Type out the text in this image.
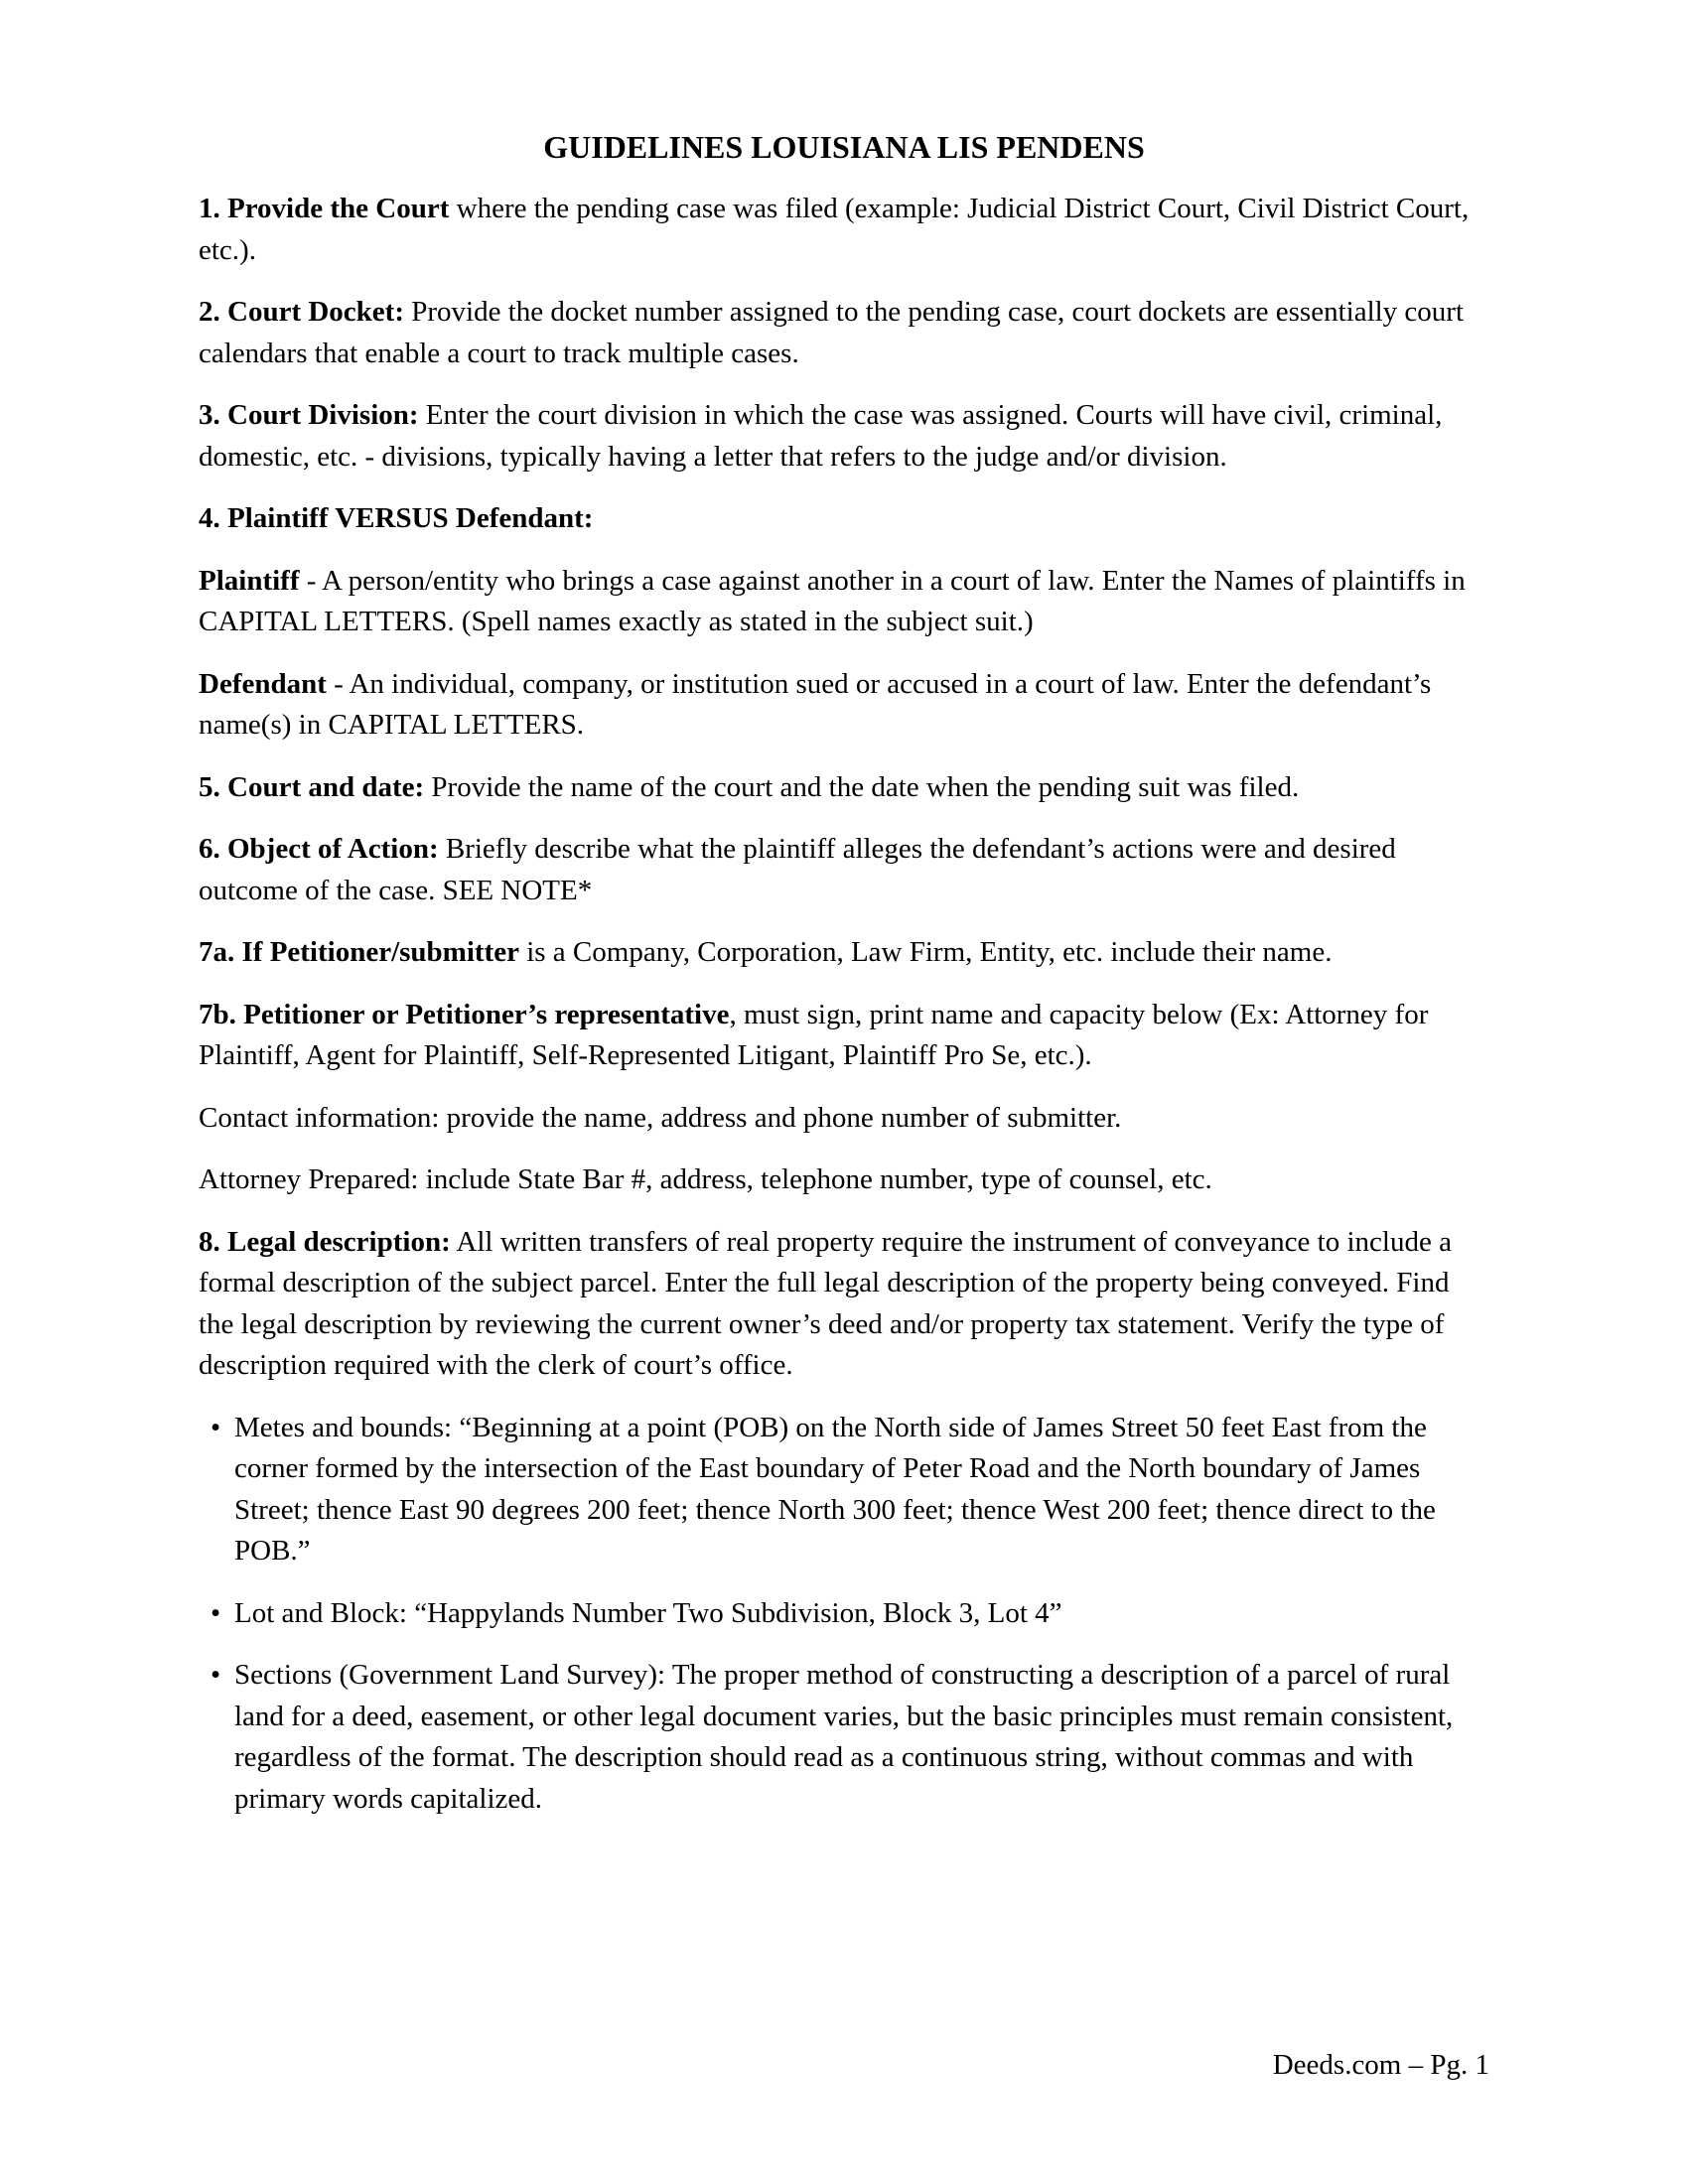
GUIDELINES LOUISIANA LIS PENDENS

1. Provide the Court where the pending case was filed (example: Judicial District Court, Civil District Court, etc.).

2. Court Docket: Provide the docket number assigned to the pending case, court dockets are essentially court calendars that enable a court to track multiple cases.

3. Court Division: Enter the court division in which the case was assigned. Courts will have civil, criminal, domestic, etc. - divisions, typically having a letter that refers to the judge and/or division.

4. Plaintiff VERSUS Defendant:

Plaintiff - A person/entity who brings a case against another in a court of law. Enter the Names of plaintiffs in CAPITAL LETTERS. (Spell names exactly as stated in the subject suit.)

Defendant - An individual, company, or institution sued or accused in a court of law. Enter the defendant’s name(s) in CAPITAL LETTERS.

5. Court and date: Provide the name of the court and the date when the pending suit was filed.

6. Object of Action: Briefly describe what the plaintiff alleges the defendant’s actions were and desired outcome of the case. SEE NOTE*

7a. If Petitioner/submitter is a Company, Corporation, Law Firm, Entity, etc. include their name.

7b. Petitioner or Petitioner’s representative, must sign, print name and capacity below (Ex: Attorney for Plaintiff, Agent for Plaintiff, Self-Represented Litigant, Plaintiff Pro Se, etc.).

Contact information: provide the name, address and phone number of submitter.

Attorney Prepared: include State Bar #, address, telephone number, type of counsel, etc.

8. Legal description: All written transfers of real property require the instrument of conveyance to include a formal description of the subject parcel. Enter the full legal description of the property being conveyed. Find the legal description by reviewing the current owner’s deed and/or property tax statement. Verify the type of description required with the clerk of court’s office.

• Metes and bounds: “Beginning at a point (POB) on the North side of James Street 50 feet East from the corner formed by the intersection of the East boundary of Peter Road and the North boundary of James Street; thence East 90 degrees 200 feet; thence North 300 feet; thence West 200 feet; thence direct to the POB.”
• Lot and Block: “Happylands Number Two Subdivision, Block 3, Lot 4”
• Sections (Government Land Survey): The proper method of constructing a description of a parcel of rural land for a deed, easement, or other legal document varies, but the basic principles must remain consistent, regardless of the format. The description should read as a continuous string, without commas and with primary words capitalized.
Deeds.com – Pg. 1
